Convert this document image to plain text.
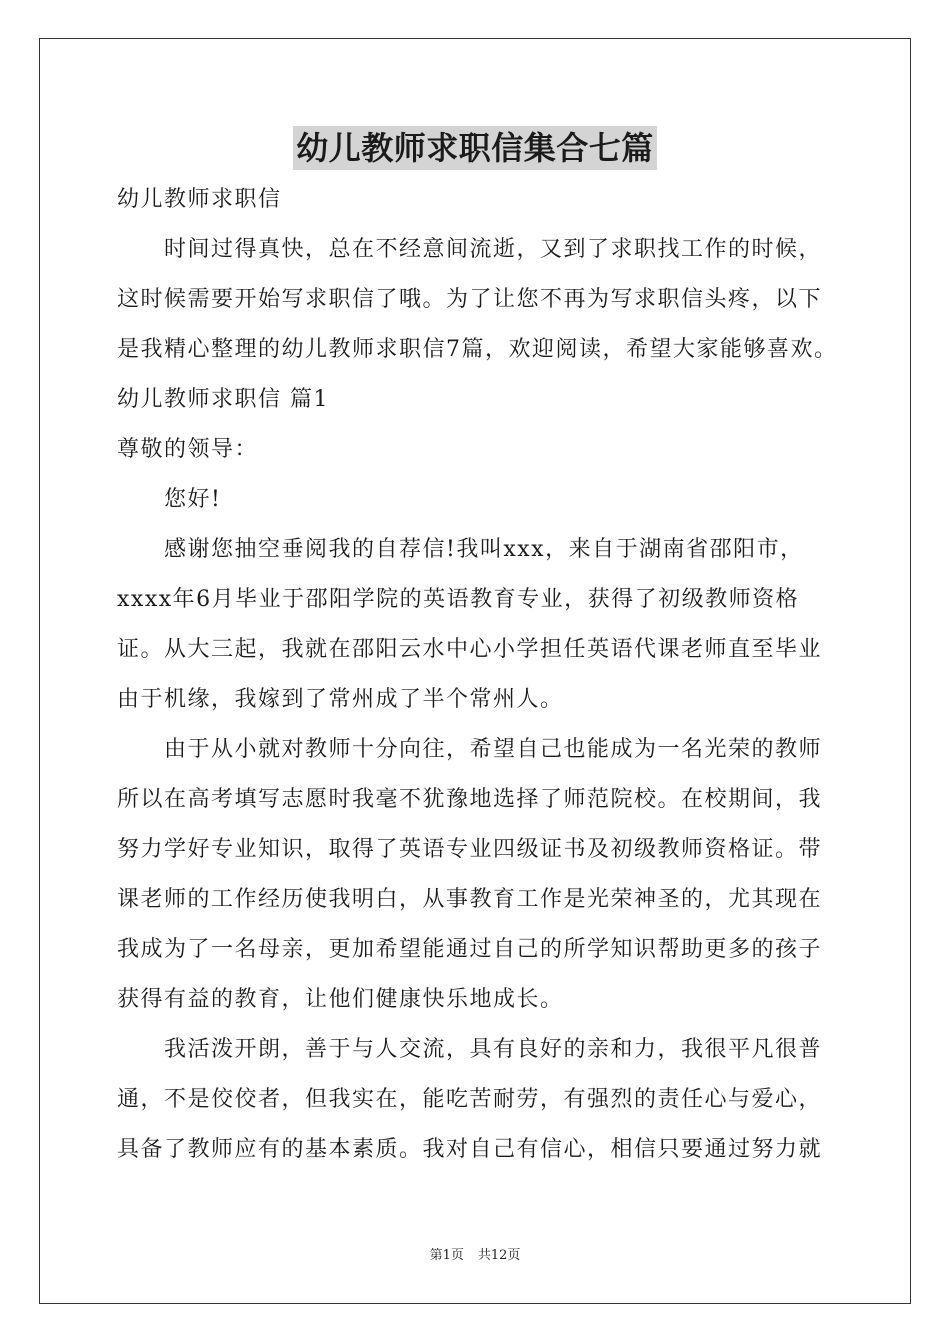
幼儿教师求职信集合七篇
幼儿教师求职信
时间过得真快，总在不经意间流逝，又到了求职找工作的时候，
这时候需要开始写求职信了哦。为了让您不再为写求职信头疼，以下
是我精心整理的幼儿教师求职信7篇，欢迎阅读，希望大家能够喜欢。
幼儿教师求职信 篇1
尊敬的领导：
您好!
感谢您抽空垂阅我的自荐信!我叫xxx，来自于湖南省邵阳市，
xxxx年6月毕业于邵阳学院的英语教育专业，获得了初级教师资格
证。从大三起，我就在邵阳云水中心小学担任英语代课老师直至毕业
由于机缘，我嫁到了常州成了半个常州人。
由于从小就对教师十分向往，希望自己也能成为一名光荣的教师
所以在高考填写志愿时我毫不犹豫地选择了师范院校。在校期间，我
努力学好专业知识，取得了英语专业四级证书及初级教师资格证。带
课老师的工作经历使我明白，从事教育工作是光荣神圣的，尤其现在
我成为了一名母亲，更加希望能通过自己的所学知识帮助更多的孩子
获得有益的教育，让他们健康快乐地成长。
我活泼开朗，善于与人交流，具有良好的亲和力，我很平凡很普
通，不是佼佼者，但我实在，能吃苦耐劳，有强烈的责任心与爱心，
具备了教师应有的基本素质。我对自己有信心，相信只要通过努力就
第1页 共12页
